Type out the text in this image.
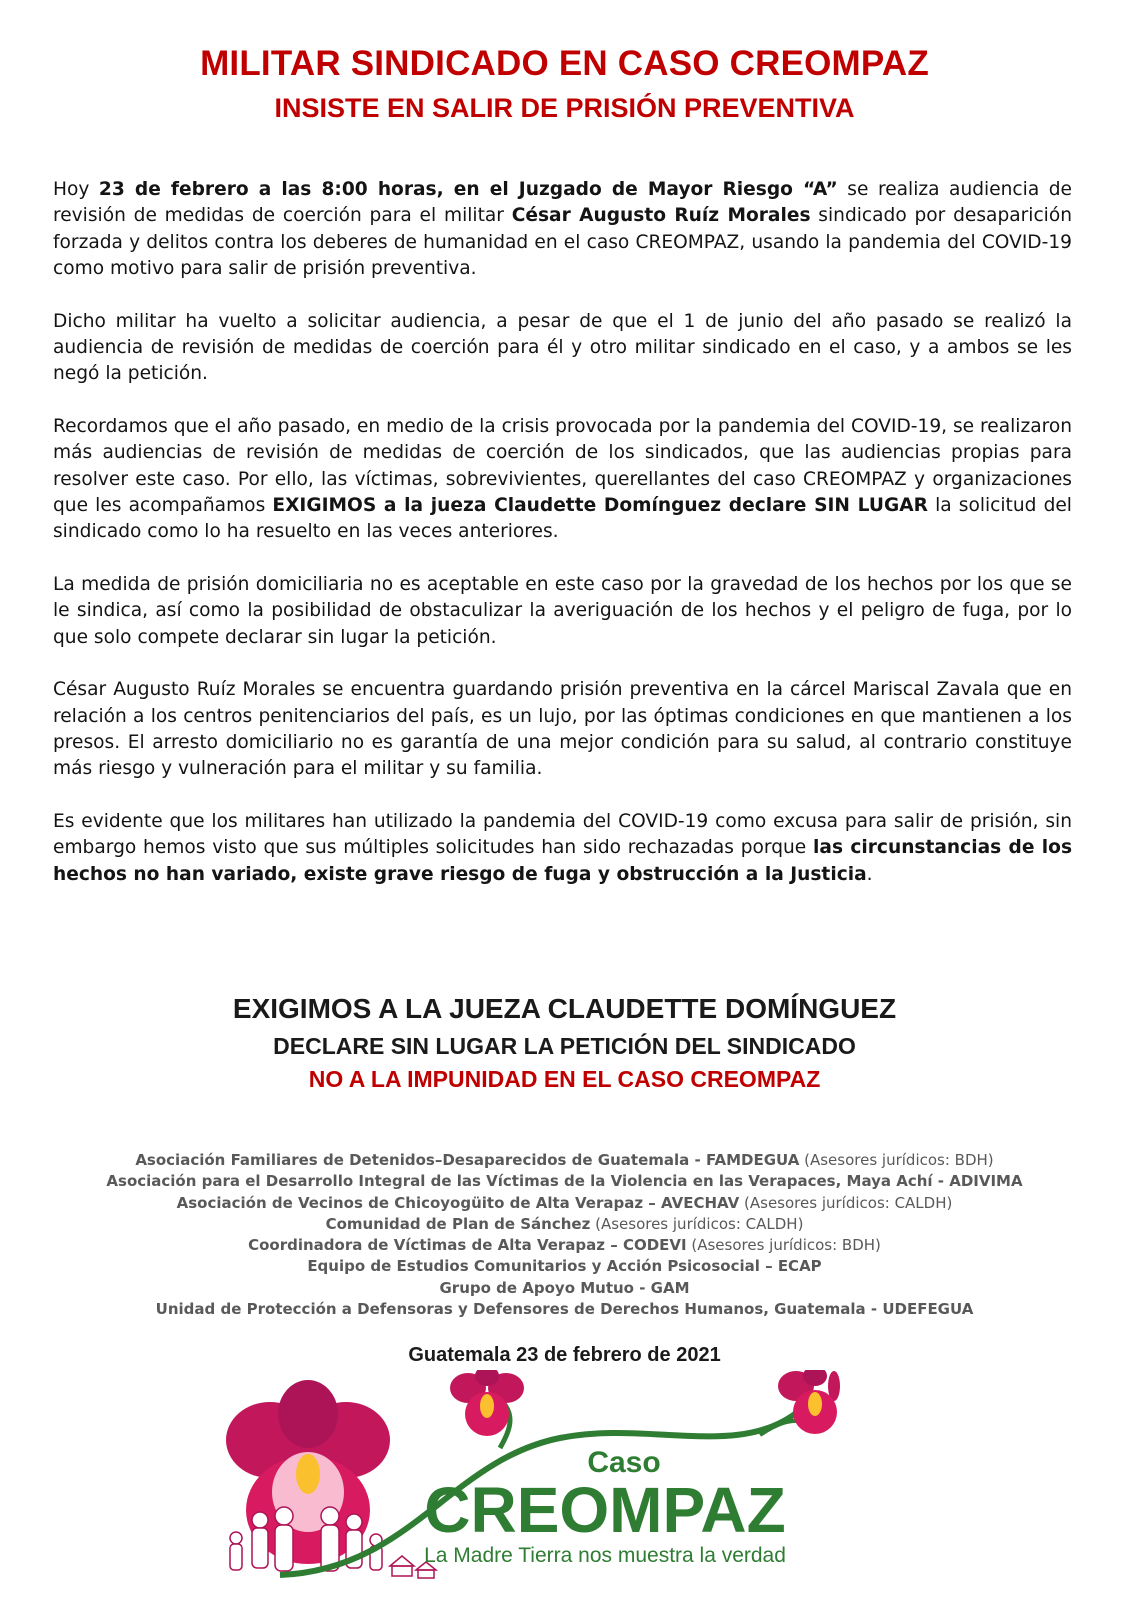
MILITAR SINDICADO EN CASO CREOMPAZ
INSISTE EN SALIR DE PRISIÓN PREVENTIVA

Hoy 23 de febrero a las 8:00 horas, en el Juzgado de Mayor Riesgo “A” se realiza audiencia de revisión de medidas de coerción para el militar César Augusto Ruíz Morales sindicado por desaparición forzada y delitos contra los deberes de humanidad en el caso CREOMPAZ, usando la pandemia del COVID-19 como motivo para salir de prisión preventiva.

Dicho militar ha vuelto a solicitar audiencia, a pesar de que el 1 de junio del año pasado se realizó la audiencia de revisión de medidas de coerción para él y otro militar sindicado en el caso, y a ambos se les negó la petición.

Recordamos que el año pasado, en medio de la crisis provocada por la pandemia del COVID-19, se realizaron más audiencias de revisión de medidas de coerción de los sindicados, que las audiencias propias para resolver este caso. Por ello, las víctimas, sobrevivientes, querellantes del caso CREOMPAZ y organizaciones que les acompañamos EXIGIMOS a la jueza Claudette Domínguez declare SIN LUGAR la solicitud del sindicado como lo ha resuelto en las veces anteriores.

La medida de prisión domiciliaria no es aceptable en este caso por la gravedad de los hechos por los que se le sindica, así como la posibilidad de obstaculizar la averiguación de los hechos y el peligro de fuga, por lo que solo compete declarar sin lugar la petición.

César Augusto Ruíz Morales se encuentra guardando prisión preventiva en la cárcel Mariscal Zavala que en relación a los centros penitenciarios del país, es un lujo, por las óptimas condiciones en que mantienen a los presos. El arresto domiciliario no es garantía de una mejor condición para su salud, al contrario constituye más riesgo y vulneración para el militar y su familia.

Es evidente que los militares han utilizado la pandemia del COVID-19 como excusa para salir de prisión, sin embargo hemos visto que sus múltiples solicitudes han sido rechazadas porque las circunstancias de los hechos no han variado, existe grave riesgo de fuga y obstrucción a la Justicia.

EXIGIMOS A LA JUEZA CLAUDETTE DOMÍNGUEZ

DECLARE SIN LUGAR LA PETICIÓN DEL SINDICADO

NO A LA IMPUNIDAD EN EL CASO CREOMPAZ

Asociación Familiares de Detenidos–Desaparecidos de Guatemala - FAMDEGUA (Asesores jurídicos: BDH)
Asociación para el Desarrollo Integral de las Víctimas de la Violencia en las Verapaces, Maya Achí - ADIVIMA
Asociación de Vecinos de Chicoyogüito de Alta Verapaz – AVECHAV (Asesores jurídicos: CALDH)
Comunidad de Plan de Sánchez (Asesores jurídicos: CALDH)
Coordinadora de Víctimas de Alta Verapaz – CODEVI (Asesores jurídicos: BDH)
Equipo de Estudios Comunitarios y Acción Psicosocial – ECAP
Grupo de Apoyo Mutuo - GAM
Unidad de Protección a Defensoras y Defensores de Derechos Humanos, Guatemala - UDEFEGUA

Guatemala 23 de febrero de 2021

Caso
CREOMPAZ
La Madre Tierra nos muestra la verdad
